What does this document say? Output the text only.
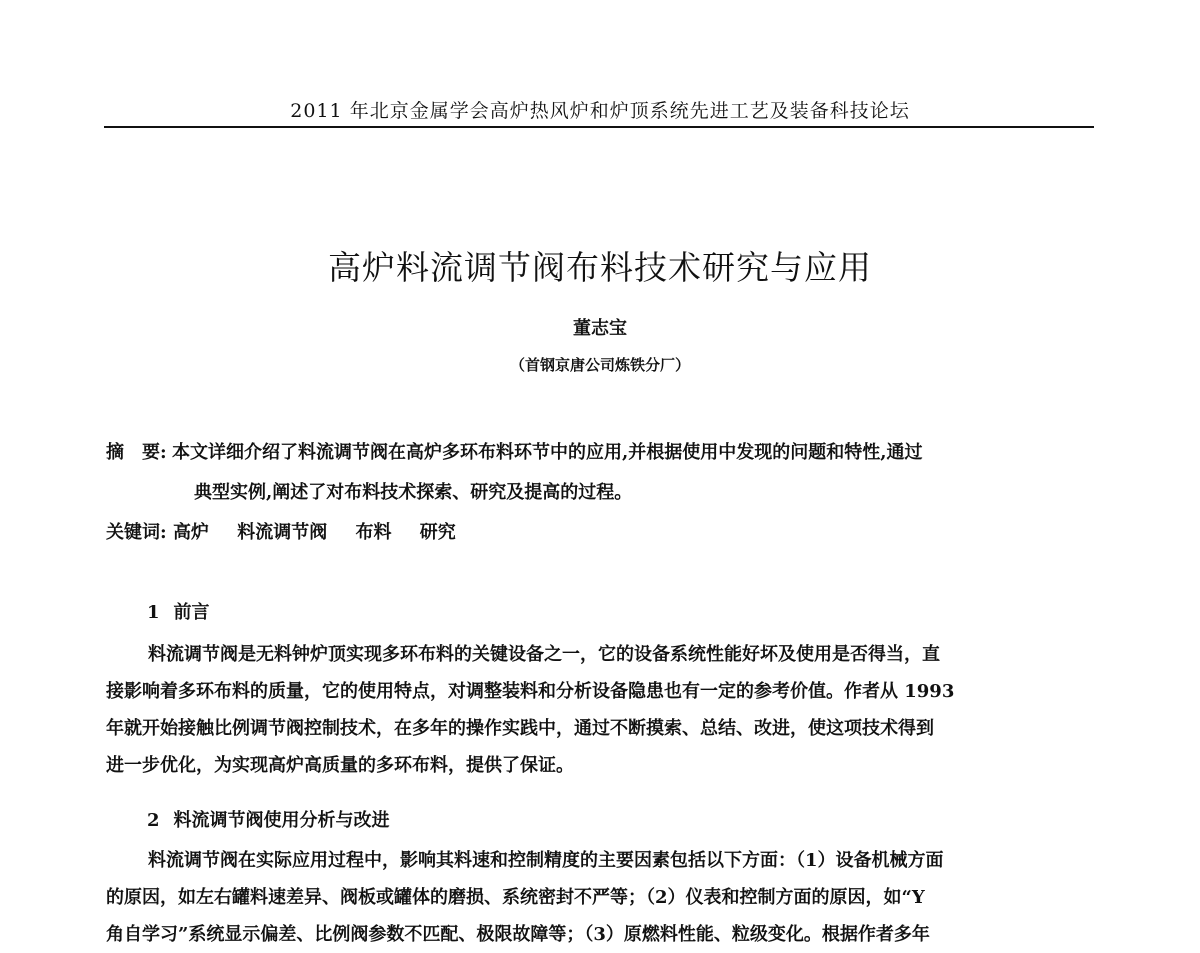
2011 年北京金属学会高炉热风炉和炉顶系统先进工艺及装备科技论坛
高炉料流调节阀布料技术研究与应用
董志宝
（首钢京唐公司炼铁分厂）
摘　要: 本文详细介绍了料流调节阀在高炉多环布料环节中的应用,并根据使用中发现的问题和特性,通过
典型实例,阐述了对布料技术探索、研究及提高的过程。
关键词: 高炉 料流调节阀 布料 研究
1 前言
料流调节阀是无料钟炉顶实现多环布料的关键设备之一，它的设备系统性能好坏及使用是否得当，直
接影响着多环布料的质量，它的使用特点，对调整装料和分析设备隐患也有一定的参考价值。作者从 1993
年就开始接触比例调节阀控制技术，在多年的操作实践中，通过不断摸索、总结、改进，使这项技术得到
进一步优化，为实现高炉高质量的多环布料，提供了保证。
2 料流调节阀使用分析与改进
料流调节阀在实际应用过程中，影响其料速和控制精度的主要因素包括以下方面：（1）设备机械方面
的原因，如左右罐料速差异、阀板或罐体的磨损、系统密封不严等；（2）仪表和控制方面的原因，如“Y
角自学习”系统显示偏差、比例阀参数不匹配、极限故障等；（3）原燃料性能、粒级变化。根据作者多年
